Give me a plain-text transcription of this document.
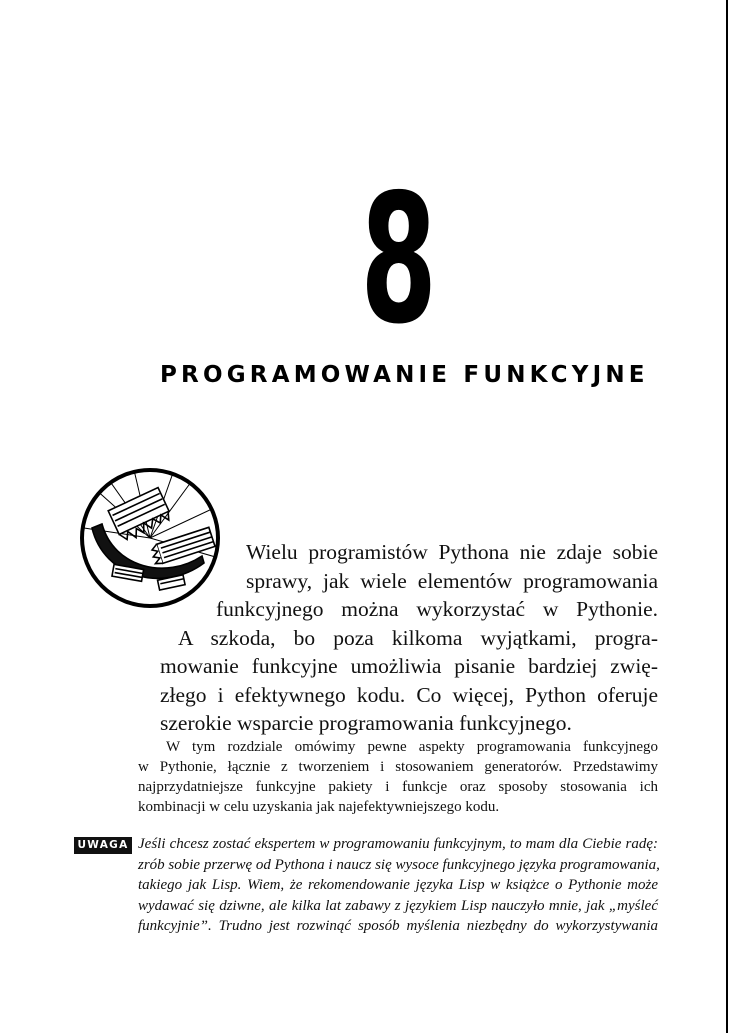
8
PROGRAMOWANIE FUNKCYJNE
Wielu programistów Pythona nie zdaje sobie
sprawy, jak wiele elementów programowania
funkcyjnego można wykorzystać w Pythonie.
A szkoda, bo poza kilkoma wyjątkami, progra-
mowanie funkcyjne umożliwia pisanie bardziej zwię-
złego i efektywnego kodu. Co więcej, Python oferuje
szerokie wsparcie programowania funkcyjnego.
W tym rozdziale omówimy pewne aspekty programowania funkcyjnego
w Pythonie, łącznie z tworzeniem i stosowaniem generatorów. Przedstawimy
najprzydatniejsze funkcyjne pakiety i funkcje oraz sposoby stosowania ich
kombinacji w celu uzyskania jak najefektywniejszego kodu.
UWAGA Jeśli chcesz zostać ekspertem w programowaniu funkcyjnym, to mam dla Ciebie radę:
zrób sobie przerwę od Pythona i naucz się wysoce funkcyjnego języka programowania,
takiego jak Lisp. Wiem, że rekomendowanie języka Lisp w książce o Pythonie może
wydawać się dziwne, ale kilka lat zabawy z językiem Lisp nauczyło mnie, jak „myśleć
funkcyjnie”. Trudno jest rozwinąć sposób myślenia niezbędny do wykorzystywania
